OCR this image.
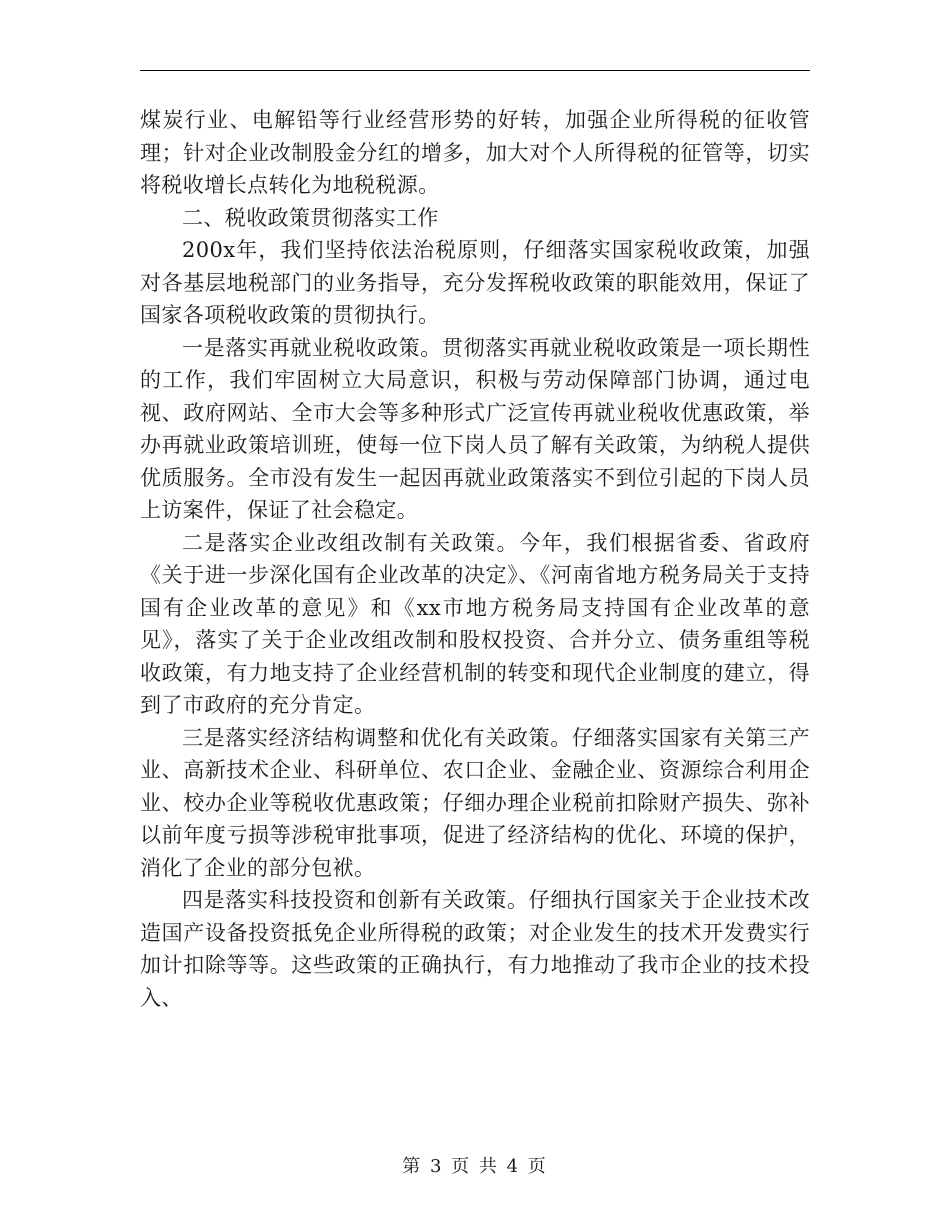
煤炭行业、电解铅等行业经营形势的好转，加强企业所得税的征收管理；针对企业改制股金分红的增多，加大对个人所得税的征管等，切实将税收增长点转化为地税税源。

二、税收政策贯彻落实工作

200x年，我们坚持依法治税原则，仔细落实国家税收政策，加强对各基层地税部门的业务指导，充分发挥税收政策的职能效用，保证了国家各项税收政策的贯彻执行。

一是落实再就业税收政策。贯彻落实再就业税收政策是一项长期性的工作，我们牢固树立大局意识，积极与劳动保障部门协调，通过电视、政府网站、全市大会等多种形式广泛宣传再就业税收优惠政策，举办再就业政策培训班，使每一位下岗人员了解有关政策，为纳税人提供优质服务。全市没有发生一起因再就业政策落实不到位引起的下岗人员上访案件，保证了社会稳定。

二是落实企业改组改制有关政策。今年，我们根据省委、省政府《关于进一步深化国有企业改革的决定》、《河南省地方税务局关于支持国有企业改革的意见》和《xx市地方税务局支持国有企业改革的意见》，落实了关于企业改组改制和股权投资、合并分立、债务重组等税收政策，有力地支持了企业经营机制的转变和现代企业制度的建立，得到了市政府的充分肯定。

三是落实经济结构调整和优化有关政策。仔细落实国家有关第三产业、高新技术企业、科研单位、农口企业、金融企业、资源综合利用企业、校办企业等税收优惠政策；仔细办理企业税前扣除财产损失、弥补以前年度亏损等涉税审批事项，促进了经济结构的优化、环境的保护，消化了企业的部分包袱。

四是落实科技投资和创新有关政策。仔细执行国家关于企业技术改造国产设备投资抵免企业所得税的政策；对企业发生的技术开发费实行加计扣除等等。这些政策的正确执行，有力地推动了我市企业的技术投入、

第 3 页 共 4 页
